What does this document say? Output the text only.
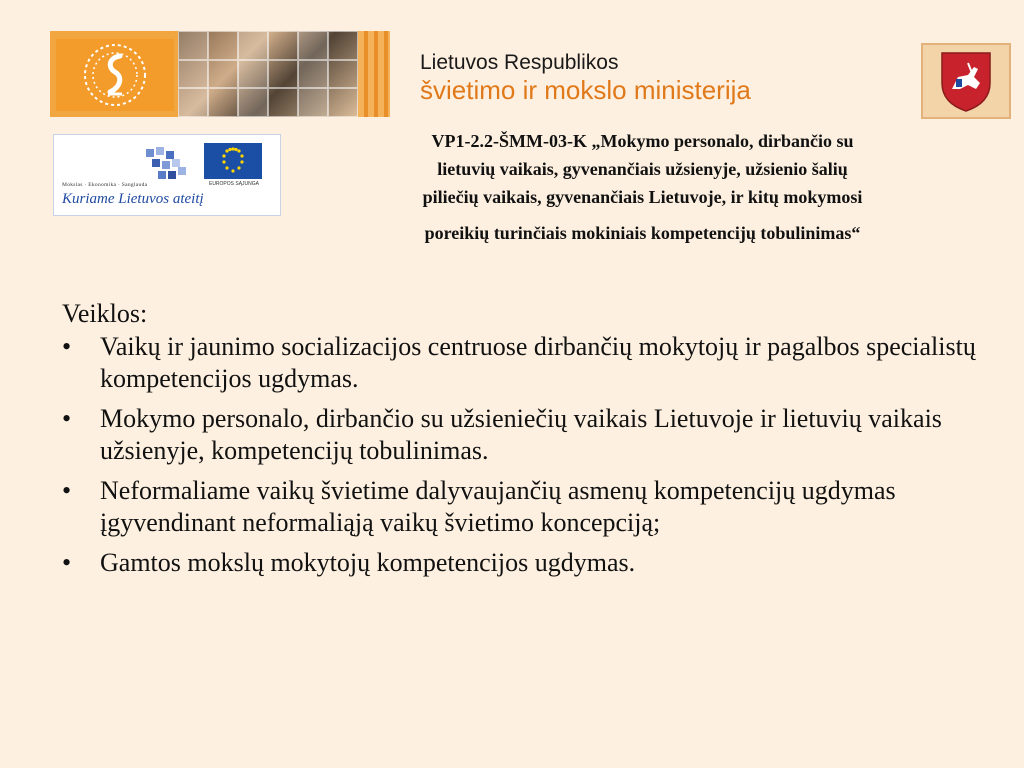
Lietuvos Respublikos
švietimo ir mokslo ministerija
EUROPOS SĄJUNGA
Mokslas · Ekonomika · Sanglauda
Kuriame Lietuvos ateitį
VP1-2.2-ŠMM-03-K „Mokymo personalo, dirbančio su
lietuvių vaikais, gyvenančiais užsienyje, užsienio šalių
piliečių vaikais, gyvenančiais Lietuvoje, ir kitų mokymosi
poreikių turinčiais mokiniais kompetencijų tobulinimas“
Veiklos:
• Vaikų ir jaunimo socializacijos centruose dirbančių mokytojų ir pagalbos specialistų kompetencijos ugdymas.
• Mokymo personalo, dirbančio su užsieniečių vaikais Lietuvoje ir lietuvių vaikais užsienyje, kompetencijų tobulinimas.
• Neformaliame vaikų švietime dalyvaujančių asmenų kompetencijų ugdymas įgyvendinant neformaliąją vaikų švietimo koncepciją;
• Gamtos mokslų mokytojų kompetencijos ugdymas.
